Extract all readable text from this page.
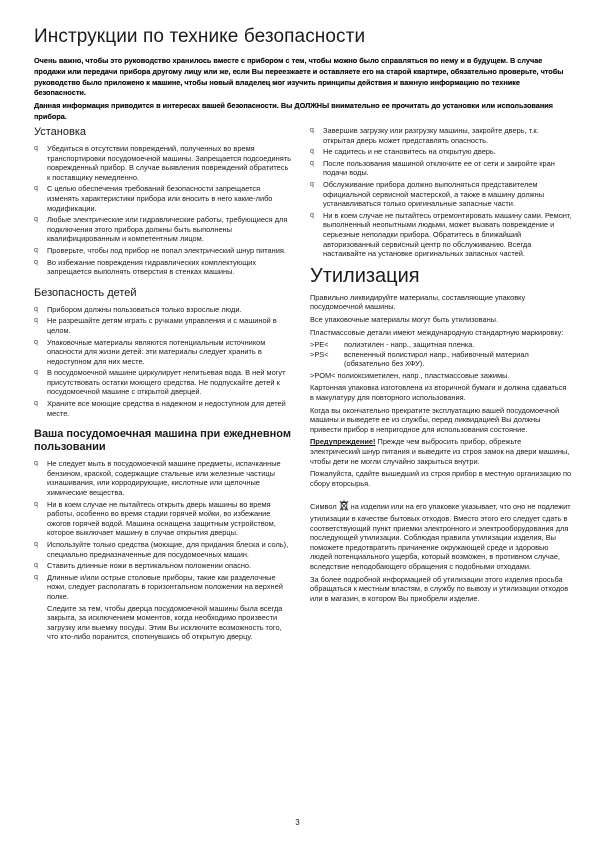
Инструкции по технике безопасности

Очень важно, чтобы это руководство хранилось вместе с прибором с тем, чтобы можно было справляться по нему и в будущем. В случае продажи или передачи прибора другому лицу или же, если Вы переезжаете и оставляете его на старой квартире, обязательно проверьте, чтобы руководство было приложено к машине, чтобы новый владелец мог изучить принципы действия и важную информацию по технике безопасности.

Данная информация приводится в интересах вашей безопасности. Вы ДОЛЖНЫ внимательно ее прочитать до установки или использования прибора.

Установка
q Убедиться в отсутствии повреждений, полученных во время транспортировки посудомоечной машины. Запрещается подсоединять поврежденный прибор. В случае выявления повреждений обратитесь к поставщику немедленно.
q С целью обеспечения требований безопасности запрещается изменять характеристики прибора или вносить в него какие-либо модификации.
q Любые электрические или гидравлические работы, требующиеся для подключения этого прибора должны быть выполнены квалифицированным и компетентным лицом.
q Проверьте, чтобы под прибор не попал электрический шнур питания.
q Во избежание повреждения гидравлических комплектующих запрещается выполнять отверстия в стенках машины.
Безопасность детей
q Прибором должны пользоваться только взрослые люди.
q Не разрешайте детям играть с ручками управления и с машиной в целом.
q Упаковочные материалы являются потенциальным источником опасности для жизни детей: эти материалы следует хранить в недоступном для них месте.
q В посудомоечной машине циркулирует непитьевая вода. В ней могут присутствовать остатки моющего средства. Не подпускайте детей к посудомоечной машине с открытой дверцей.
q Храните все моющие средства в надежном и недоступном для детей месте.
Ваша посудомоечная машина при ежедневном пользовании
q Не следует мыть в посудомоечной машине предметы, испачканные бензином, краской, содержащие стальные или железные частицы изнашивания, или корродирующие, кислотные или щелочные химические вещества.
q Ни в коем случае не пытайтесь открыть дверь машины во время работы, особенно во время стадии горячей мойки, во избежание ожогов горячей водой. Машина оснащена защитным устройством, которое выключает машину в случае открытия дверцы.
q Используйте только средства (моющие, для придания блеска и соль), специально предназначенные для посудомоечных машин.
q Ставить длинные ножи в вертикальном положении опасно.
q Длинные и/или острые столовые приборы, такие как разделочные ножи, следует располагать в горизонтальном положении на верхней полке.
Следите за тем, чтобы дверца посудомоечной машины была всегда закрыта, за исключением моментов, когда необходимо произвести загрузку или выемку посуды. Этим Вы исключите возможность того, что кто-либо поранится, споткнувшись об открытую дверцу.
q Завершив загрузку или разгрузку машины, закройте дверь, т.к. открытая дверь может представлять опасность.
q Не садитесь и не становитесь на открытую дверь.
q После пользования машиной отключите ее от сети и закройте кран подачи воды.
q Обслуживание прибора должно выполняться представителем официальной сервисной мастерской, а также в машину должны устанавливаться только оригинальные запасные части.
q Ни в коем случае не пытайтесь отремонтировать машину сами. Ремонт, выполненный неопытными людьми, может вызвать повреждение и серьезные неполадки прибора. Обратитесь в ближайший авторизованный сервисный центр по обслуживанию. Всегда настаивайте на установке оригинальных запасных частей.
Утилизация

Правильно ликвидируйте материалы, составляющие упаковку посудомоечной машины.

Все упаковочные материалы могут быть утилизованы.

Пластмассовые детали имеют международную стандартную маркировку:

>PE<	полиэтилен - напр., защитная пленка.
>PS<	вспененный полистирол напр., набивочный материал (обязательно без ХФУ).

>POM< полиоксиметилен, напр., пластмассовые зажимы.

Картонная упаковка изготовлена из вторичной бумаги и должна сдаваться в макулатуру для повторного использования.

Когда вы окончательно прекратите эксплуатацию вашей посудомоечной машины и выведете ее из службы, перед ликвидацией Вы должны привести прибор в непригодное для использования состояние.

Предупреждение! Прежде чем выбросить прибор, обрежьте электрический шнур питания и выведите из строя замок на двери машины, чтобы дети не могли случайно закрыться внутри.

Пожалуйста, сдайте вышедший из строя прибор в местную организацию по сбору вторсырья.

Символ на изделии или на его упаковке указывает, что оно не подлежит утилизации в качестве бытовых отходов. Вместо этого его следует сдать в соответствующий пункт приемки электронного и электрооборудования для последующей утилизации. Соблюдая правила утилизации изделия, Вы поможете предотвратить причинение окружающей среде и здоровью людей потенциального ущерба, который возможен, в противном случае, вследствие неподобающего обращения с подобными отходами.

За более подробной информацией об утилизации этого изделия просьба обращаться к местным властям, в службу по вывозу и утилизации отходов или в магазин, в котором Вы приобрели изделие.

3
